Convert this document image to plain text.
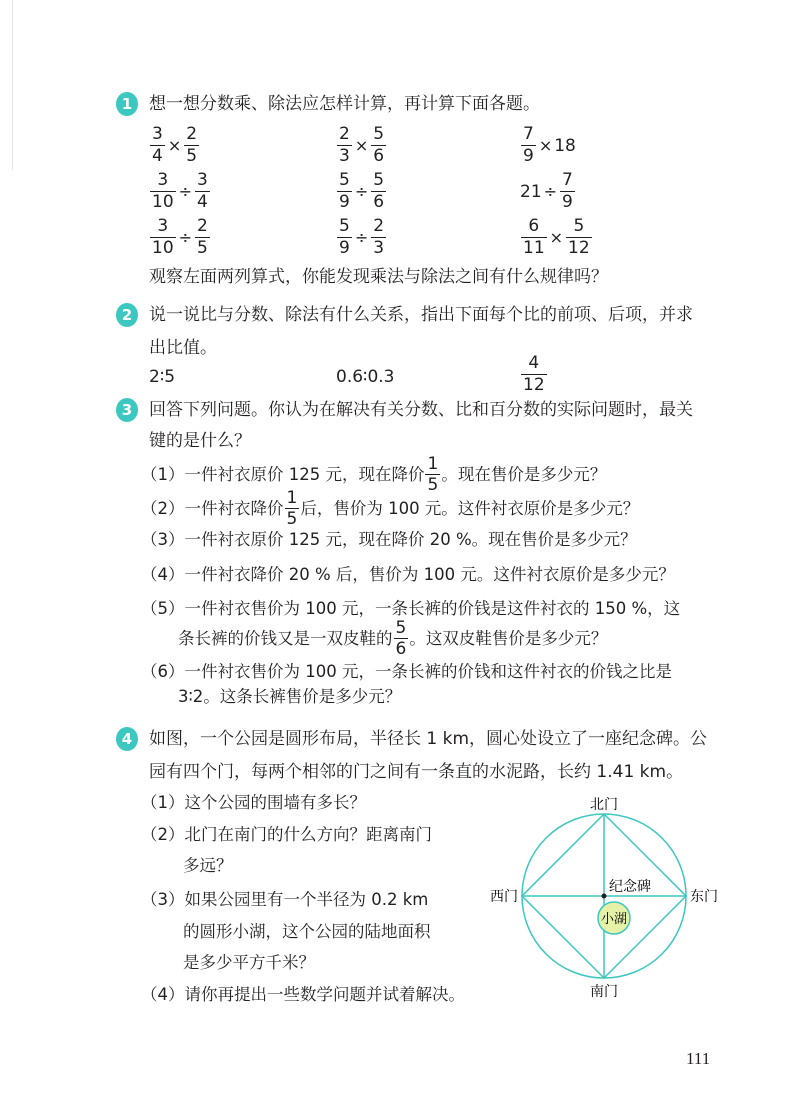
1 想一想分数乘、除法应怎样计算，再计算下面各题。
$\frac{3}{4} \times \frac{2}{5}$	$\frac{2}{3} \times \frac{5}{6}$	$\frac{7}{9} \times 18$
$\frac{3}{10} \div \frac{3}{4}$	$\frac{5}{9} \div \frac{5}{6}$	$21 \div \frac{7}{9}$
$\frac{3}{10} \div \frac{2}{5}$	$\frac{5}{9} \div \frac{2}{3}$	$\frac{6}{11} \times \frac{5}{12}$
观察左面两列算式，你能发现乘法与除法之间有什么规律吗？
2 说一说比与分数、除法有什么关系，指出下面每个比的前项、后项，并求
出比值。
2∶5	0.6∶0.3	$\frac{4}{12}$
3 回答下列问题。你认为在解决有关分数、比和百分数的实际问题时，最关
键的是什么？
（1）一件衬衣原价 125 元，现在降价 $\frac{1}{5}$ 。现在售价是多少元？
（2）一件衬衣降价 $\frac{1}{5}$ 后，售价为 100 元。这件衬衣原价是多少元？
（3）一件衬衣原价 125 元，现在降价 20 %。现在售价是多少元？
（4）一件衬衣降价 20 % 后，售价为 100 元。这件衬衣原价是多少元？
（5）一件衬衣售价为 100 元，一条长裤的价钱是这件衬衣的 150 %，这
条长裤的价钱又是一双皮鞋的 $\frac{5}{6}$ 。这双皮鞋售价是多少元？
（6）一件衬衣售价为 100 元，一条长裤的价钱和这件衬衣的价钱之比是
3∶2。这条长裤售价是多少元？
4 如图，一个公园是圆形布局，半径长 1 km，圆心处设立了一座纪念碑。公
园有四个门，每两个相邻的门之间有一条直的水泥路，长约 1.41 km。
（1）这个公园的围墙有多长？
（2）北门在南门的什么方向？距离南门
多远？
（3）如果公园里有一个半径为 0.2 km
的圆形小湖，这个公园的陆地面积
是多少平方千米？
（4）请你再提出一些数学问题并试着解决。
北门
南门
东门
西门
纪念碑
小湖
111
